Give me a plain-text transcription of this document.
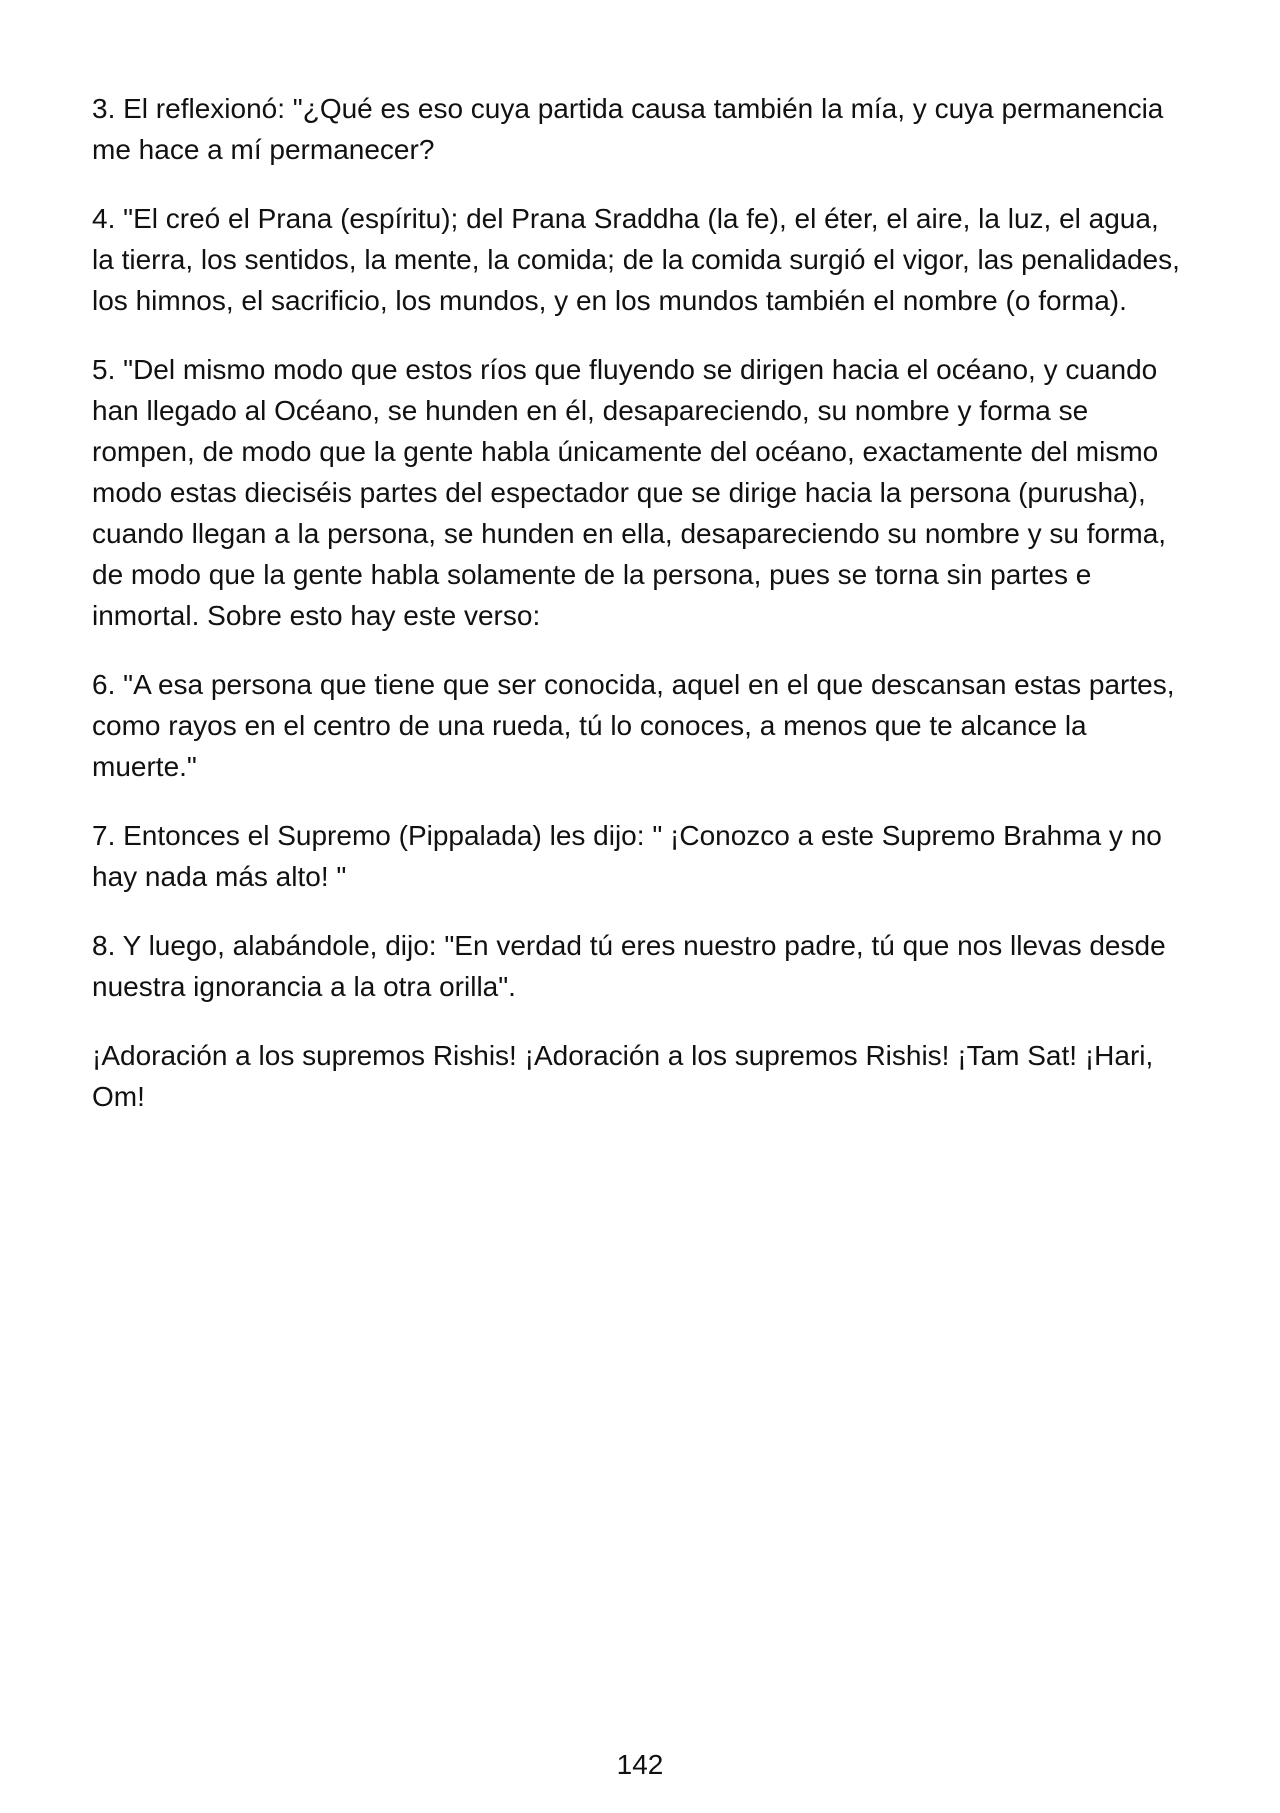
3. El reflexionó: "¿Qué es eso cuya partida causa también la mía, y cuya permanencia me hace a mí permanecer?

4. "El creó el Prana (espíritu); del Prana Sraddha (la fe), el éter, el aire, la luz, el agua, la tierra, los sentidos, la mente, la comida; de la comida surgió el vigor, las penalidades, los himnos, el sacrificio, los mundos, y en los mundos también el nombre (o forma).

5. "Del mismo modo que estos ríos que fluyendo se dirigen hacia el océano, y cuando han llegado al Océano, se hunden en él, desapareciendo, su nombre y forma se rompen, de modo que la gente habla únicamente del océano, exactamente del mismo modo estas dieciséis partes del espectador que se dirige hacia la persona (purusha), cuando llegan a la persona, se hunden en ella, desapareciendo su nombre y su forma, de modo que la gente habla solamente de la persona, pues se torna sin partes e inmortal. Sobre esto hay este verso:

6. "A esa persona que tiene que ser conocida, aquel en el que descansan estas partes, como rayos en el centro de una rueda, tú lo conoces, a menos que te alcance la muerte."

7. Entonces el Supremo (Pippalada) les dijo: " ¡Conozco a este Supremo Brahma y no hay nada más alto! "

8. Y luego, alabándole, dijo: "En verdad tú eres nuestro padre, tú que nos llevas desde nuestra ignorancia a la otra orilla".

¡Adoración a los supremos Rishis! ¡Adoración a los supremos Rishis! ¡Tam Sat! ¡Hari, Om!

142
